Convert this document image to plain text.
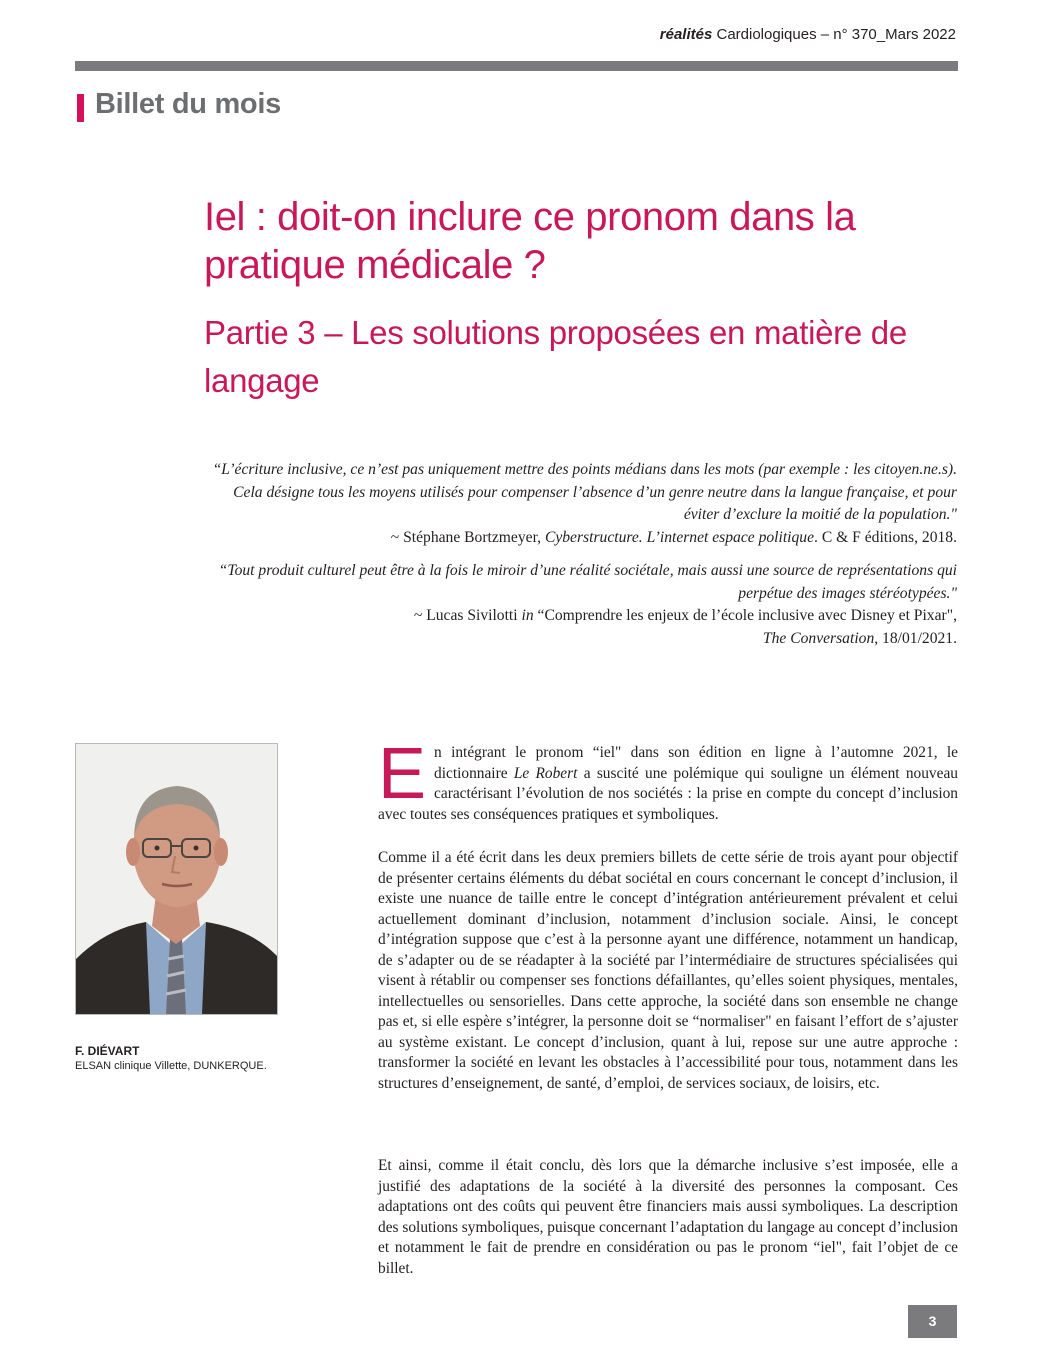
réalités Cardiologiques – n° 370_Mars 2022
Billet du mois
Iel : doit-on inclure ce pronom dans la pratique médicale ?
Partie 3 – Les solutions proposées en matière de langage
“L’écriture inclusive, ce n’est pas uniquement mettre des points médians dans les mots (par exemple : les citoyen.ne.s). Cela désigne tous les moyens utilisés pour compenser l’absence d’un genre neutre dans la langue française, et pour éviter d’exclure la moitié de la population."
~ Stéphane Bortzmeyer, Cyberstructure. L’internet espace politique. C & F éditions, 2018.
“Tout produit culturel peut être à la fois le miroir d’une réalité sociétale, mais aussi une source de représentations qui perpétue des images stéréotypées."
~ Lucas Sivilotti in “Comprendre les enjeux de l’école inclusive avec Disney et Pixar",
The Conversation, 18/01/2021.
F. DIÉVART
ELSAN clinique Villette, DUNKERQUE.

En intégrant le pronom “iel" dans son édition en ligne à l’automne 2021, le dictionnaire Le Robert a suscité une polémique qui souligne un élément nouveau caractérisant l’évolution de nos sociétés : la prise en compte du concept d’inclusion avec toutes ses conséquences pratiques et symboliques.

Comme il a été écrit dans les deux premiers billets de cette série de trois ayant pour objectif de présenter certains éléments du débat sociétal en cours concernant le concept d’inclusion, il existe une nuance de taille entre le concept d’intégration antérieurement prévalent et celui actuellement dominant d’inclusion, notamment d’inclusion sociale. Ainsi, le concept d’intégration suppose que c’est à la personne ayant une différence, notamment un handicap, de s’adapter ou de se réadapter à la société par l’intermédiaire de structures spécialisées qui visent à rétablir ou compenser ses fonctions défaillantes, qu’elles soient physiques, mentales, intellectuelles ou sensorielles. Dans cette approche, la société dans son ensemble ne change pas et, si elle espère s’intégrer, la personne doit se “normaliser" en faisant l’effort de s’ajuster au système existant. Le concept d’inclusion, quant à lui, repose sur une autre approche : transformer la société en levant les obstacles à l’accessibilité pour tous, notamment dans les structures d’enseignement, de santé, d’emploi, de services sociaux, de loisirs, etc.

Et ainsi, comme il était conclu, dès lors que la démarche inclusive s’est imposée, elle a justifié des adaptations de la société à la diversité des personnes la composant. Ces adaptations ont des coûts qui peuvent être financiers mais aussi symboliques. La description des solutions symboliques, puisque concernant l’adaptation du langage au concept d’inclusion et notamment le fait de prendre en considération ou pas le pronom “iel", fait l’objet de ce billet.

3
